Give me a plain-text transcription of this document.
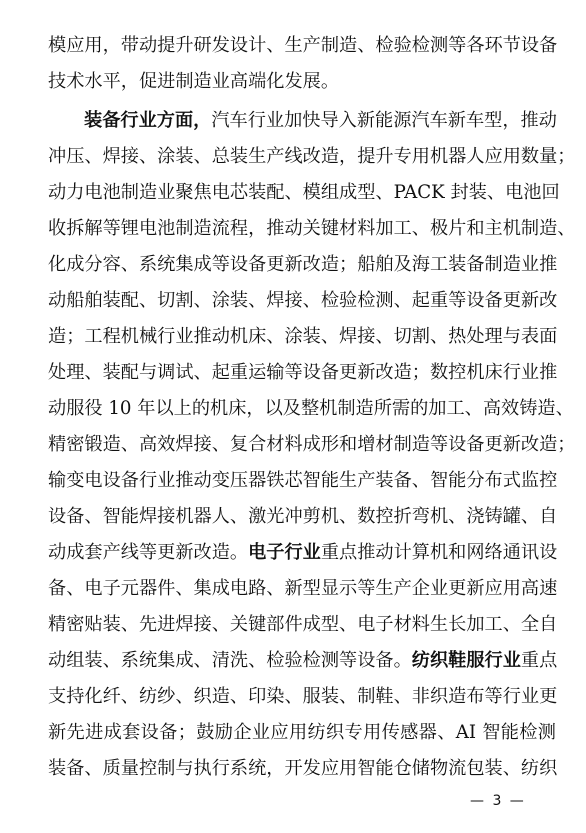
模应用，带动提升研发设计、生产制造、检验检测等各环节设备
技术水平，促进制造业高端化发展。
装备行业方面，汽车行业加快导入新能源汽车新车型，推动
冲压、焊接、涂装、总装生产线改造，提升专用机器人应用数量；
动力电池制造业聚焦电芯装配、模组成型、PACK 封装、电池回
收拆解等锂电池制造流程，推动关键材料加工、极片和主机制造、
化成分容、系统集成等设备更新改造；船舶及海工装备制造业推
动船舶装配、切割、涂装、焊接、检验检测、起重等设备更新改
造；工程机械行业推动机床、涂装、焊接、切割、热处理与表面
处理、装配与调试、起重运输等设备更新改造；数控机床行业推
动服役 10 年以上的机床，以及整机制造所需的加工、高效铸造、
精密锻造、高效焊接、复合材料成形和增材制造等设备更新改造；
输变电设备行业推动变压器铁芯智能生产装备、智能分布式监控
设备、智能焊接机器人、激光冲剪机、数控折弯机、浇铸罐、自
动成套产线等更新改造。电子行业重点推动计算机和网络通讯设
备、电子元器件、集成电路、新型显示等生产企业更新应用高速
精密贴装、先进焊接、关键部件成型、电子材料生长加工、全自
动组装、系统集成、清洗、检验检测等设备。纺织鞋服行业重点
支持化纤、纺纱、织造、印染、服装、制鞋、非织造布等行业更
新先进成套设备；鼓励企业应用纺织专用传感器、AI 智能检测
装备、质量控制与执行系统，开发应用智能仓储物流包装、纺织
— 3 —
